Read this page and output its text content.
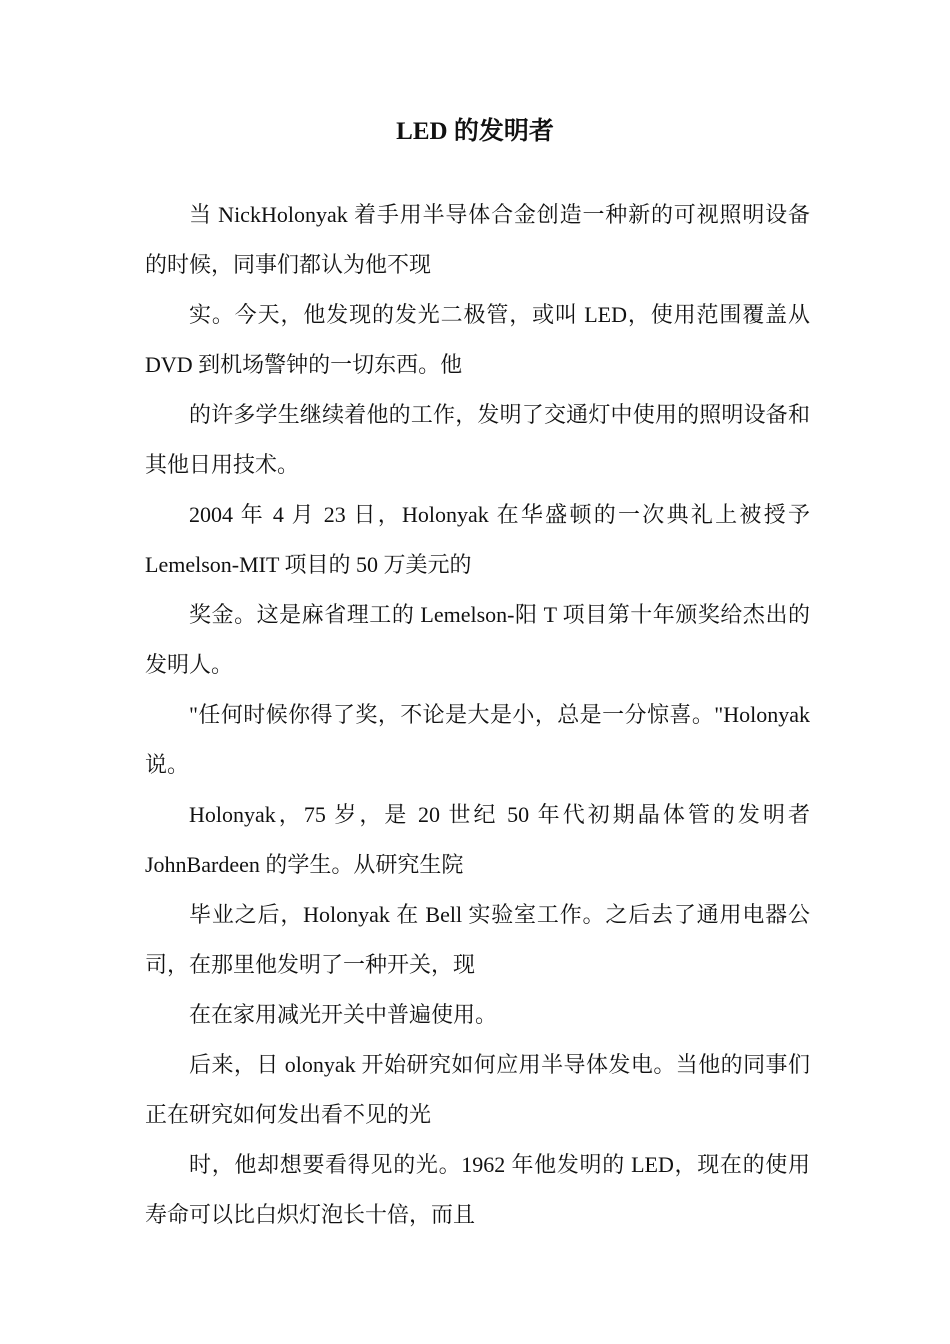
LED 的发明者

当 NickHolonyak 着手用半导体合金创造一种新的可视照明设备的时候，同事们都认为他不现

实。今天，他发现的发光二极管，或叫 LED，使用范围覆盖从 DVD 到机场警钟的一切东西。他

的许多学生继续着他的工作，发明了交通灯中使用的照明设备和其他日用技术。

2004 年 4 月 23 日，Holonyak 在华盛顿的一次典礼上被授予 Lemelson-MIT 项目的 50 万美元的

奖金。这是麻省理工的 Lemelson-阳 T 项目第十年颁奖给杰出的发明人。

"任何时候你得了奖，不论是大是小，总是一分惊喜。"Holonyak 说。

Holonyak，75 岁，是 20 世纪 50 年代初期晶体管的发明者 JohnBardeen 的学生。从研究生院

毕业之后，Holonyak 在 Bell 实验室工作。之后去了通用电器公司，在那里他发明了一种开关，现

在在家用减光开关中普遍使用。

后来，日 olonyak 开始研究如何应用半导体发电。当他的同事们正在研究如何发出看不见的光

时，他却想要看得见的光。1962 年他发明的 LED，现在的使用寿命可以比白炽灯泡长十倍，而且
